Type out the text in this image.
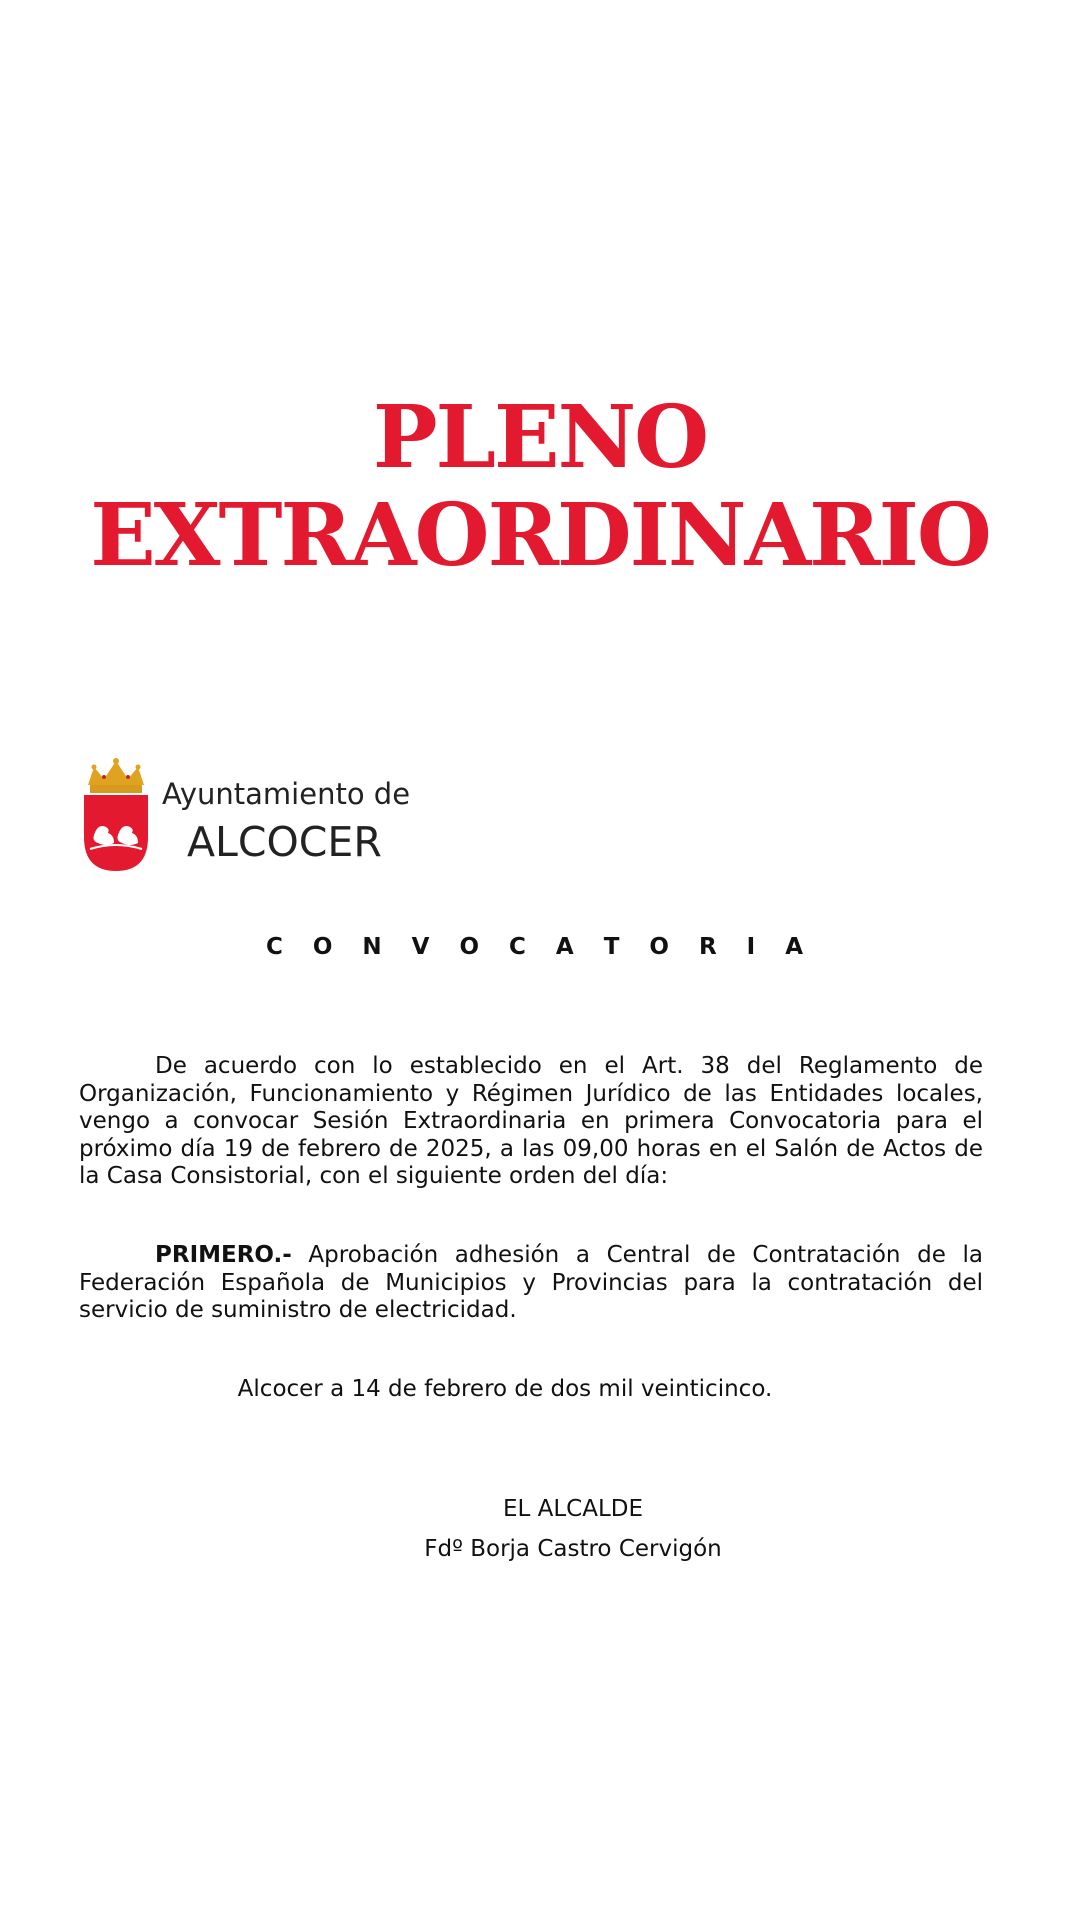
PLENO
EXTRAORDINARIO
Ayuntamiento de
ALCOCER
C O N V O C A T O R I A
De acuerdo con lo establecido en el Art. 38 del Reglamento de Organización, Funcionamiento y Régimen Jurídico de las Entidades locales, vengo a convocar Sesión Extraordinaria en primera Convocatoria para el próximo día 19 de febrero de 2025, a las 09,00 horas en el Salón de Actos de la Casa Consistorial, con el siguiente orden del día:
PRIMERO.- Aprobación adhesión a Central de Contratación de la Federación Española de Municipios y Provincias para la contratación del servicio de suministro de electricidad.
Alcocer a 14 de febrero de dos mil veinticinco.
EL ALCALDE
Fdº Borja Castro Cervigón
